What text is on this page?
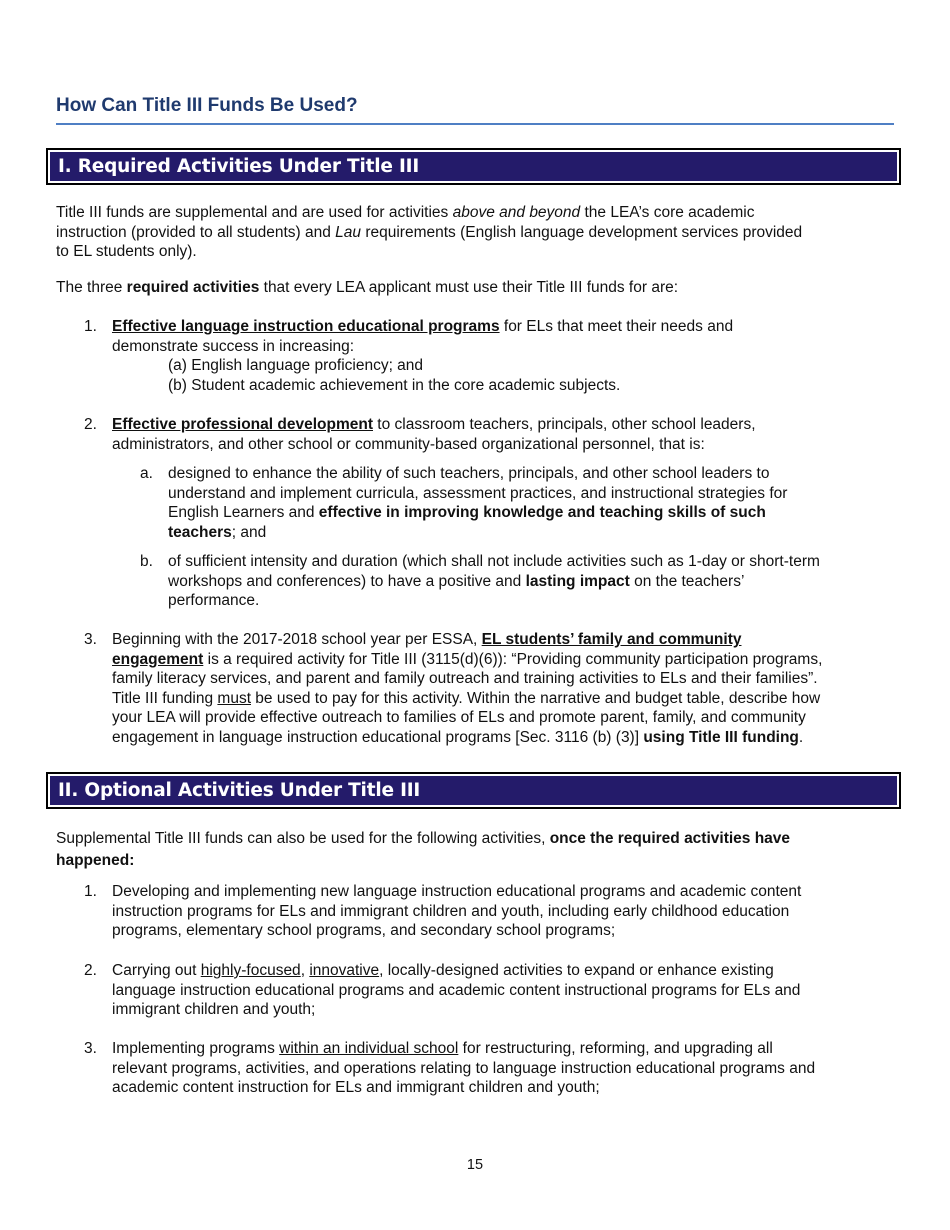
How Can Title III Funds Be Used?
I. Required Activities Under Title III

Title III funds are supplemental and are used for activities above and beyond the LEA’s core academic
instruction (provided to all students) and Lau requirements (English language development services provided
to EL students only).

The three required activities that every LEA applicant must use their Title III funds for are:

1. Effective language instruction educational programs for ELs that meet their needs and
demonstrate success in increasing:

(a) English language proficiency; and

(b) Student academic achievement in the core academic subjects.

2. Effective professional development to classroom teachers, principals, other school leaders,
administrators, and other school or community-based organizational personnel, that is:

a. designed to enhance the ability of such teachers, principals, and other school leaders to
understand and implement curricula, assessment practices, and instructional strategies for
English Learners and effective in improving knowledge and teaching skills of such
teachers; and

b. of sufficient intensity and duration (which shall not include activities such as 1-day or short-term
workshops and conferences) to have a positive and lasting impact on the teachers’
performance.

3. Beginning with the 2017-2018 school year per ESSA, EL students’ family and community
engagement is a required activity for Title III (3115(d)(6)): “Providing community participation programs,
family literacy services, and parent and family outreach and training activities to ELs and their families”.
Title III funding must be used to pay for this activity. Within the narrative and budget table, describe how
your LEA will provide effective outreach to families of ELs and promote parent, family, and community
engagement in language instruction educational programs [Sec. 3116 (b) (3)] using Title III funding.

II. Optional Activities Under Title III

Supplemental Title III funds can also be used for the following activities, once the required activities have
happened:

1. Developing and implementing new language instruction educational programs and academic content
instruction programs for ELs and immigrant children and youth, including early childhood education
programs, elementary school programs, and secondary school programs;

2. Carrying out highly-focused, innovative, locally-designed activities to expand or enhance existing
language instruction educational programs and academic content instructional programs for ELs and
immigrant children and youth;

3. Implementing programs within an individual school for restructuring, reforming, and upgrading all
relevant programs, activities, and operations relating to language instruction educational programs and
academic content instruction for ELs and immigrant children and youth;

15
